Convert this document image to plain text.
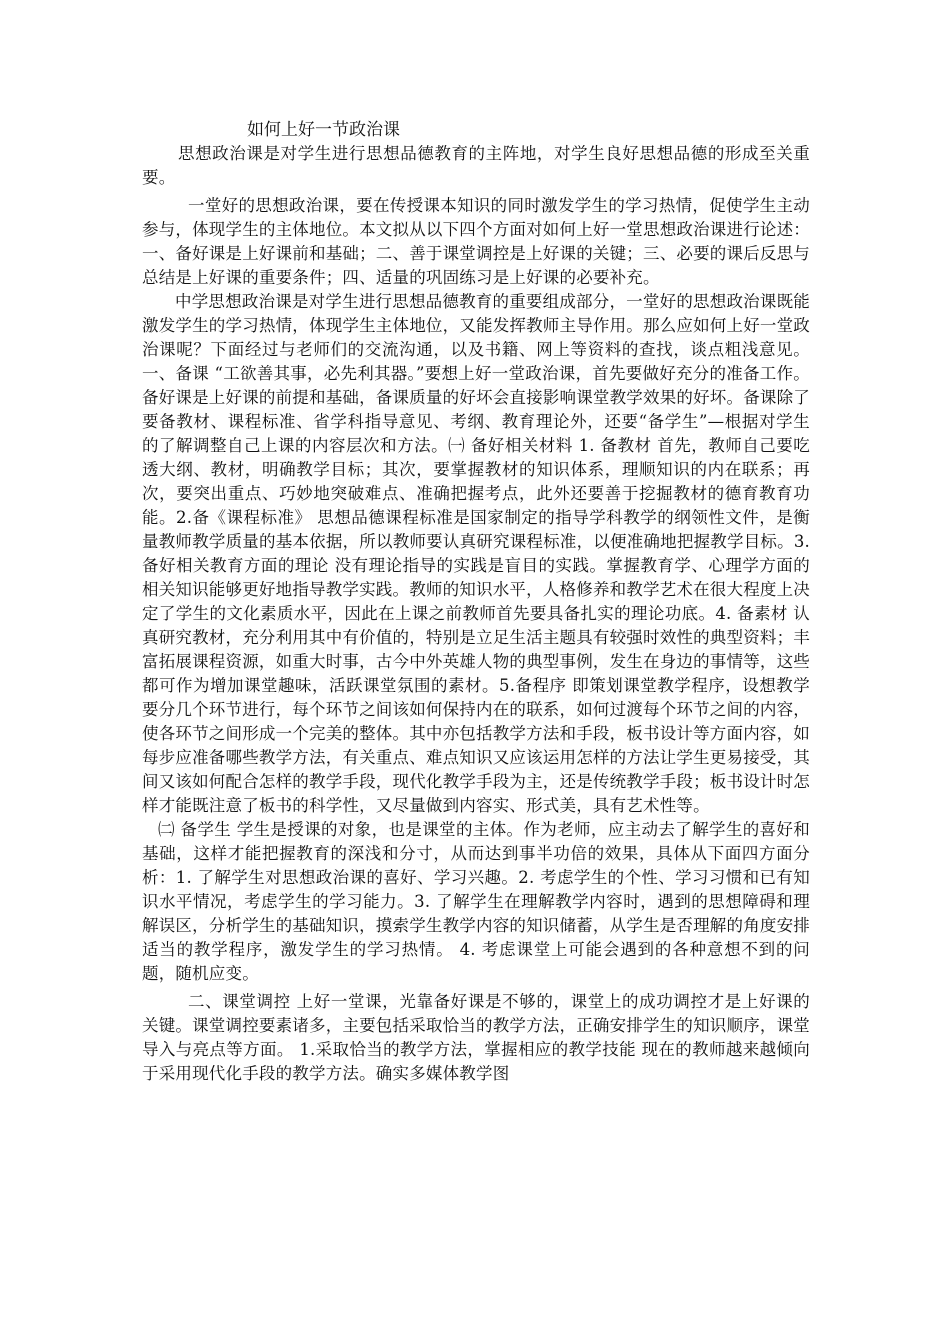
如何上好一节政治课

思想政治课是对学生进行思想品德教育的主阵地，对学生良好思想品德的形成至关重要。

一堂好的思想政治课，要在传授课本知识的同时激发学生的学习热情，促使学生主动参与，体现学生的主体地位。本文拟从以下四个方面对如何上好一堂思想政治课进行论述：一、备好课是上好课前和基础；二、善于课堂调控是上好课的关键；三、必要的课后反思与总结是上好课的重要条件；四、适量的巩固练习是上好课的必要补充。

中学思想政治课是对学生进行思想品德教育的重要组成部分，一堂好的思想政治课既能激发学生的学习热情，体现学生主体地位，又能发挥教师主导作用。那么应如何上好一堂政治课呢？下面经过与老师们的交流沟通，以及书籍、网上等资料的查找，谈点粗浅意见。一、备课 “工欲善其事，必先利其器。”要想上好一堂政治课，首先要做好充分的准备工作。备好课是上好课的前提和基础，备课质量的好坏会直接影响课堂教学效果的好坏。备课除了要备教材、课程标准、省学科指导意见、考纲、教育理论外，还要“备学生”—根据对学生的了解调整自己上课的内容层次和方法。㈠ 备好相关材料 1. 备教材 首先，教师自己要吃透大纲、教材，明确教学目标；其次，要掌握教材的知识体系，理顺知识的内在联系；再次，要突出重点、巧妙地突破难点、准确把握考点，此外还要善于挖掘教材的德育教育功能。2.备《课程标准》 思想品德课程标准是国家制定的指导学科教学的纲领性文件，是衡量教师教学质量的基本依据，所以教师要认真研究课程标准，以便准确地把握教学目标。3.备好相关教育方面的理论 没有理论指导的实践是盲目的实践。掌握教育学、心理学方面的相关知识能够更好地指导教学实践。教师的知识水平，人格修养和教学艺术在很大程度上决定了学生的文化素质水平，因此在上课之前教师首先要具备扎实的理论功底。4. 备素材 认真研究教材，充分利用其中有价值的，特别是立足生活主题具有较强时效性的典型资料；丰富拓展课程资源，如重大时事，古今中外英雄人物的典型事例，发生在身边的事情等，这些都可作为增加课堂趣味，活跃课堂氛围的素材。5.备程序 即策划课堂教学程序，设想教学要分几个环节进行，每个环节之间该如何保持内在的联系，如何过渡每个环节之间的内容，使各环节之间形成一个完美的整体。其中亦包括教学方法和手段，板书设计等方面内容，如每步应准备哪些教学方法，有关重点、难点知识又应该运用怎样的方法让学生更易接受，其间又该如何配合怎样的教学手段，现代化教学手段为主，还是传统教学手段；板书设计时怎样才能既注意了板书的科学性，又尽量做到内容实、形式美，具有艺术性等。

㈡ 备学生 学生是授课的对象，也是课堂的主体。作为老师，应主动去了解学生的喜好和基础，这样才能把握教育的深浅和分寸，从而达到事半功倍的效果，具体从下面四方面分析：1. 了解学生对思想政治课的喜好、学习兴趣。2. 考虑学生的个性、学习习惯和已有知识水平情况，考虑学生的学习能力。3. 了解学生在理解教学内容时，遇到的思想障碍和理解误区，分析学生的基础知识，摸索学生教学内容的知识储蓄，从学生是否理解的角度安排适当的教学程序，激发学生的学习热情。 4. 考虑课堂上可能会遇到的各种意想不到的问题，随机应变。

二、课堂调控 上好一堂课，光靠备好课是不够的，课堂上的成功调控才是上好课的关键。课堂调控要素诸多，主要包括采取恰当的教学方法，正确安排学生的知识顺序，课堂导入与亮点等方面。 1.采取恰当的教学方法，掌握相应的教学技能 现在的教师越来越倾向于采用现代化手段的教学方法。确实多媒体教学图
